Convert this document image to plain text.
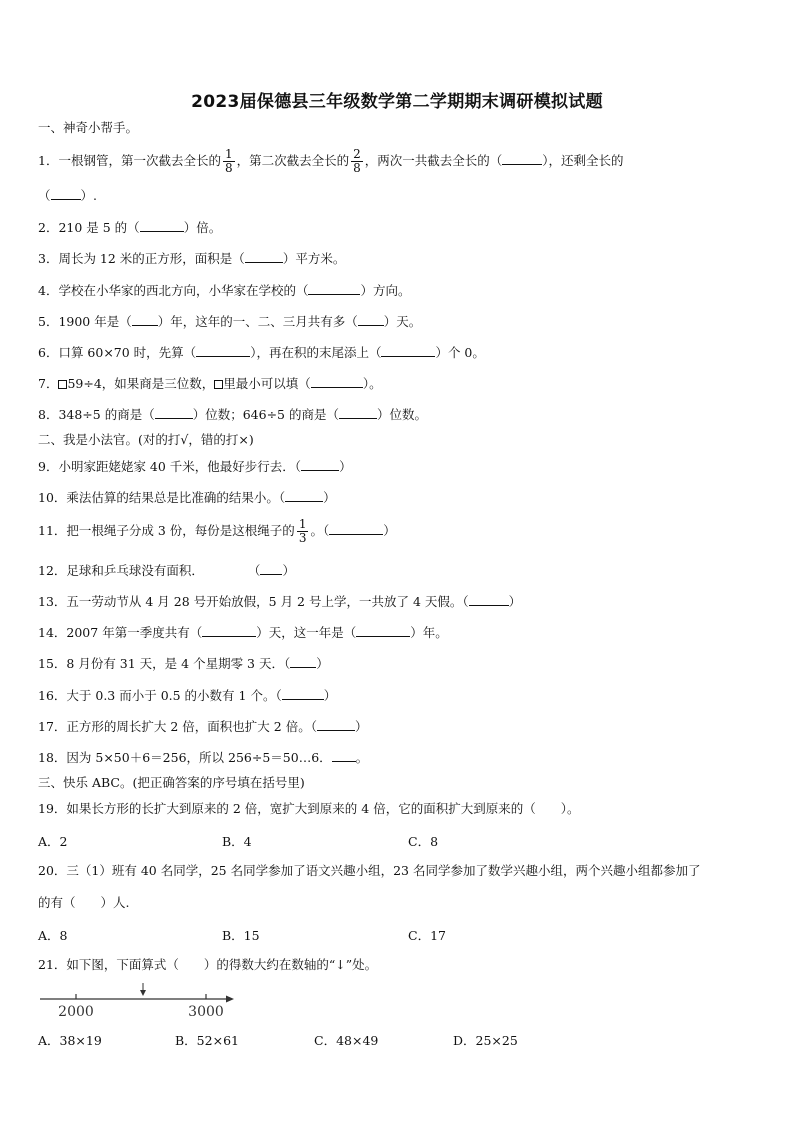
2023届保德县三年级数学第二学期期末调研模拟试题
一、神奇小帮手。
1．一根钢管，第一次截去全长的 $\frac{1}{8}$ ，第二次截去全长的 $\frac{2}{8}$ ，两次一共截去全长的（	），还剩全长的
（ ）.
2．210 是 5 的（	）倍。
3．周长为 12 米的正方形，面积是（	）平方米。
4．学校在小华家的西北方向，小华家在学校的（	）方向。
5．1900 年是（ ）年，这年的一、二、三月共有多（ ）天。
6．口算 60×70 时，先算（	），再在积的末尾添上（	）个 0。
7． 59÷4，如果商是三位数， 里最小可以填（	）。
8．348÷5 的商是（	）位数；646÷5 的商是（	）位数。
二、我是小法官。(对的打√，错的打×)
9．小明家距姥姥家 40 千米，他最好步行去．（	）
10．乘法估算的结果总是比准确的结果小。（	）
11．把一根绳子分成 3 份，每份是这根绳子的 $\frac{1}{3}$ 。（	）
12．足球和乒乓球没有面积．	（ ）
13．五一劳动节从 4 月 28 号开始放假，5 月 2 号上学，一共放了 4 天假。（	）
14．2007 年第一季度共有（	）天，这一年是（	）年。
15．8 月份有 31 天，是 4 个星期零 3 天．（ ）
16．大于 0.3 而小于 0.5 的小数有 1 个。（	）
17．正方形的周长扩大 2 倍，面积也扩大 2 倍。（	）
18．因为 5×50＋6＝256，所以 256÷5＝50…6． 。
三、快乐 ABC。(把正确答案的序号填在括号里)
19．如果长方形的长扩大到原来的 2 倍，宽扩大到原来的 4 倍，它的面积扩大到原来的（　　）。
A．2	B．4	C．8
20．三（1）班有 40 名同学，25 名同学参加了语文兴趣小组，23 名同学参加了数学兴趣小组，两个兴趣小组都参加了
的有（　　）人.
A．8	B．15	C．17
21．如下图，下面算式（　　）的得数大约在数轴的“↓”处。
2000	3000
A．38×19	B．52×61	C．48×49	D．25×25
